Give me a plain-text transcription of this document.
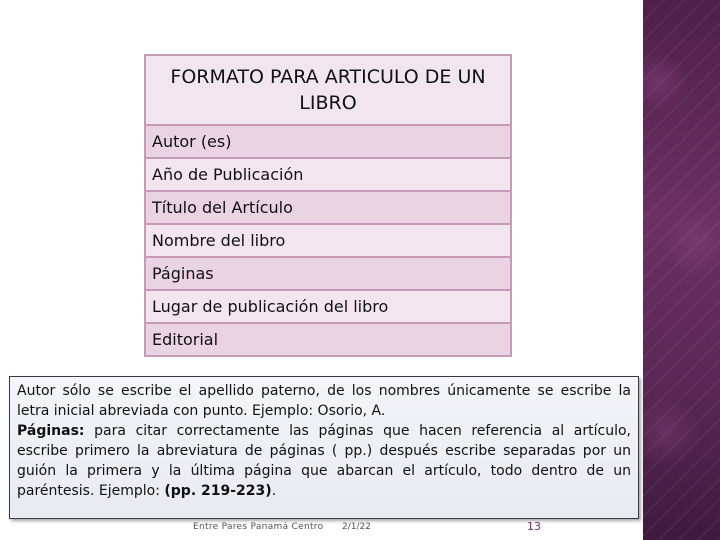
FORMATO PARA ARTICULO DE UN LIBRO
Autor (es)
Año de Publicación
Título del Artículo
Nombre del libro
Páginas
Lugar de publicación del libro
Editorial

Autor sólo se escribe el apellido paterno, de los nombres únicamente se escribe la letra inicial abreviada con punto. Ejemplo: Osorio, A.

Páginas: para citar correctamente las páginas que hacen referencia al artículo, escribe primero la abreviatura de páginas ( pp.) después escribe separadas por un guión la primera y la última página que abarcan el artículo, todo dentro de un paréntesis. Ejemplo: (pp. 219-223).

Entre Pares Panamá Centro 2/1/22	13
